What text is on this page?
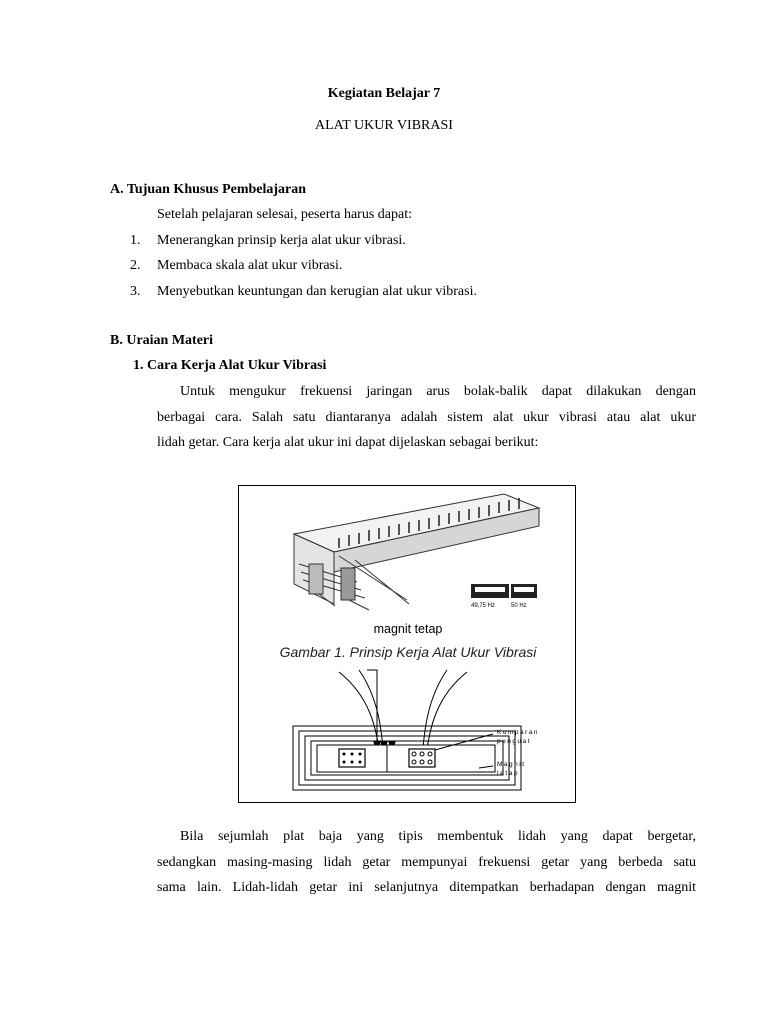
Kegiatan Belajar 7
ALAT UKUR VIBRASI
A. Tujuan Khusus Pembelajaran
Setelah pelajaran selesai, peserta harus dapat:
1. Menerangkan prinsip kerja alat ukur vibrasi.
2. Membaca skala alat ukur vibrasi.
3. Menyebutkan keuntungan dan kerugian alat ukur vibrasi.
B. Uraian Materi
1. Cara Kerja Alat Ukur Vibrasi
Untuk mengukur frekuensi jaringan arus bolak-balik dapat dilakukan dengan
berbagai cara. Salah satu diantaranya adalah sistem alat ukur vibrasi atau alat ukur
lidah getar. Cara kerja alat ukur ini dapat dijelaskan sebagai berikut:
49,75 Hz	50 Hz
Kumparan
penguat
Magnit
tetap
magnit tetap
Gambar 1. Prinsip Kerja Alat Ukur Vibrasi
Bila sejumlah plat baja yang tipis membentuk lidah yang dapat bergetar,
sedangkan masing-masing lidah getar mempunyai frekuensi getar yang berbeda satu
sama lain. Lidah-lidah getar ini selanjutnya ditempatkan berhadapan dengan magnit
